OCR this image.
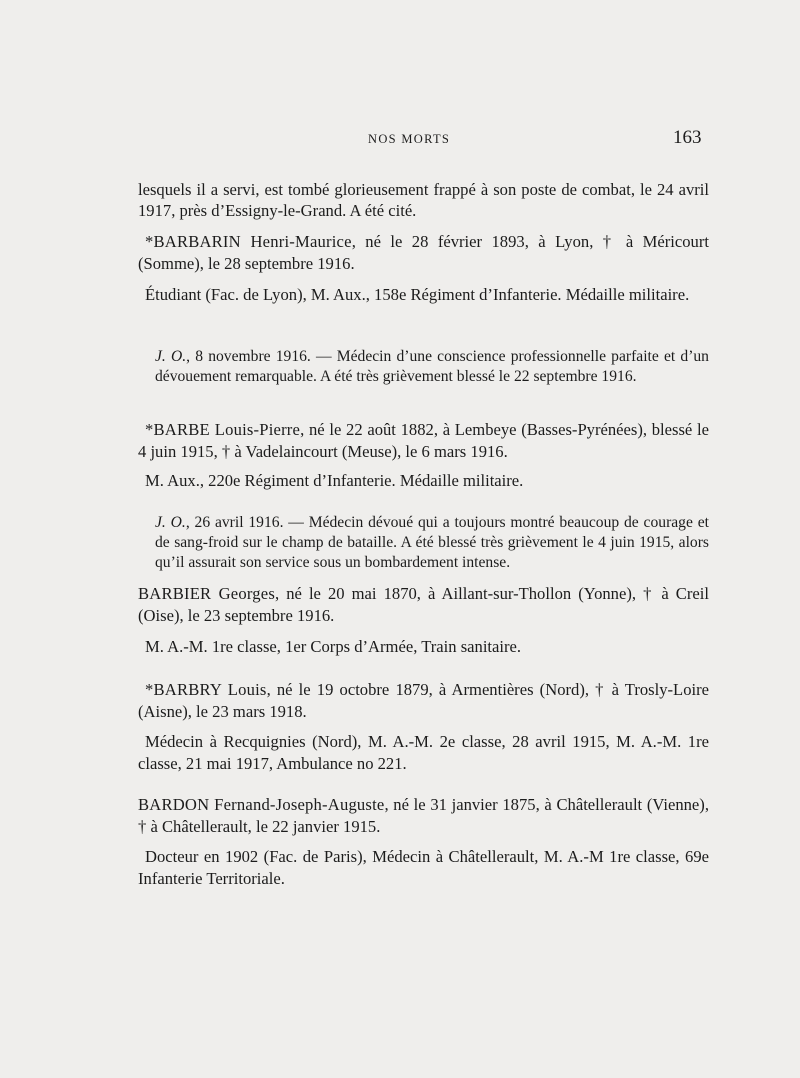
NOS MORTS	163

lesquels il a servi, est tombé glorieusement frappé à son poste de combat, le 24 avril 1917, près d’Essigny-le-Grand. A été cité.

*BARBARIN Henri-Maurice, né le 28 février 1893, à Lyon, † à Méricourt (Somme), le 28 septembre 1916.

Étudiant (Fac. de Lyon), M. Aux., 158e Régiment d’Infanterie. Médaille militaire.

J. O., 8 novembre 1916. — Médecin d’une conscience professionnelle parfaite et d’un dévouement remarquable. A été très grièvement blessé le 22 septembre 1916.

*BARBE Louis-Pierre, né le 22 août 1882, à Lembeye (Basses-Pyrénées), blessé le 4 juin 1915, † à Vadelaincourt (Meuse), le 6 mars 1916.

M. Aux., 220e Régiment d’Infanterie. Médaille militaire.

J. O., 26 avril 1916. — Médecin dévoué qui a toujours montré beaucoup de courage et de sang-froid sur le champ de bataille. A été blessé très grièvement le 4 juin 1915, alors qu’il assurait son service sous un bombardement intense.

BARBIER Georges, né le 20 mai 1870, à Aillant-sur-Thollon (Yonne), † à Creil (Oise), le 23 septembre 1916.

M. A.-M. 1re classe, 1er Corps d’Armée, Train sanitaire.

*BARBRY Louis, né le 19 octobre 1879, à Armentières (Nord), † à Trosly-Loire (Aisne), le 23 mars 1918.

Médecin à Recquignies (Nord), M. A.-M. 2e classe, 28 avril 1915, M. A.-M. 1re classe, 21 mai 1917, Ambulance no 221.

BARDON Fernand-Joseph-Auguste, né le 31 janvier 1875, à Châtellerault (Vienne), † à Châtellerault, le 22 janvier 1915.

Docteur en 1902 (Fac. de Paris), Médecin à Châtellerault, M. A.-M 1re classe, 69e Infanterie Territoriale.
